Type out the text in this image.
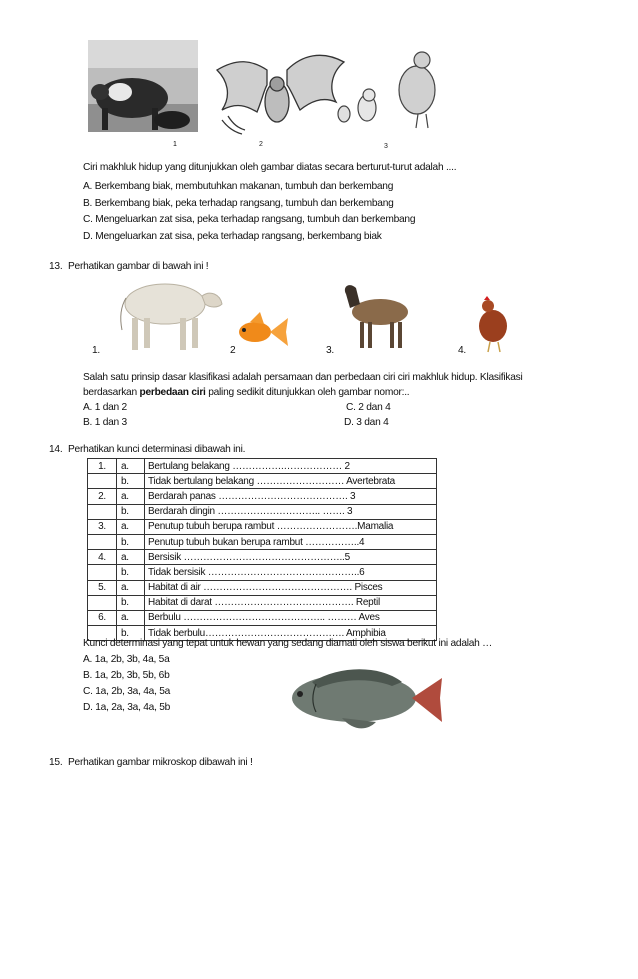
1	2	3
Ciri makhluk hidup yang ditunjukkan oleh gambar diatas secara berturut-turut adalah ....
A. Berkembang biak, membutuhkan makanan, tumbuh dan berkembang
B. Berkembang biak, peka terhadap rangsang, tumbuh dan berkembang
C. Mengeluarkan zat sisa, peka terhadap rangsang, tumbuh dan berkembang
D. Mengeluarkan zat sisa, peka terhadap rangsang, berkembang biak
13. Perhatikan gambar di bawah ini !
1.	2	3.	4.
Salah satu prinsip dasar klasifikasi adalah persamaan dan perbedaan ciri ciri makhluk hidup. Klasifikasi
berdasarkan perbedaan ciri paling sedikit ditunjukkan oleh gambar nomor:..
A. 1 dan 2
B. 1 dan 3
C. 2 dan 4
D. 3 dan 4
14. Perhatikan kunci determinasi dibawah ini.
1.	a.	Bertulang belakang …………….……………… 2
	b.	Tidak bertulang belakang ……………………… Avertebrata
2.	a.	Berdarah panas …………………………………. 3
	b.	Berdarah dingin ………………………….. ……. 3
3.	a.	Penutup tubuh berupa rambut …………………….Mamalia
	b.	Penutup tubuh bukan berupa rambut ……………..4
4.	a.	Bersisik …………………………………………..5
	b.	Tidak bersisik ………………………………………..6
5.	a.	Habitat di air ………………………………………. Pisces
	b.	Habitat di darat ……………………………………. Reptil
6.	a.	Berbulu …………………………………….. ……… Aves
	b.	Tidak berbulu……………………………………. Amphibia
Kunci determinasi yang tepat untuk hewan yang sedang diamati oleh siswa berikut ini adalah …
A. 1a, 2b, 3b, 4a, 5a
B. 1a, 2b, 3b, 5b, 6b
C. 1a, 2b, 3a, 4a, 5a
D. 1a, 2a, 3a, 4a, 5b
15. Perhatikan gambar mikroskop dibawah ini !
